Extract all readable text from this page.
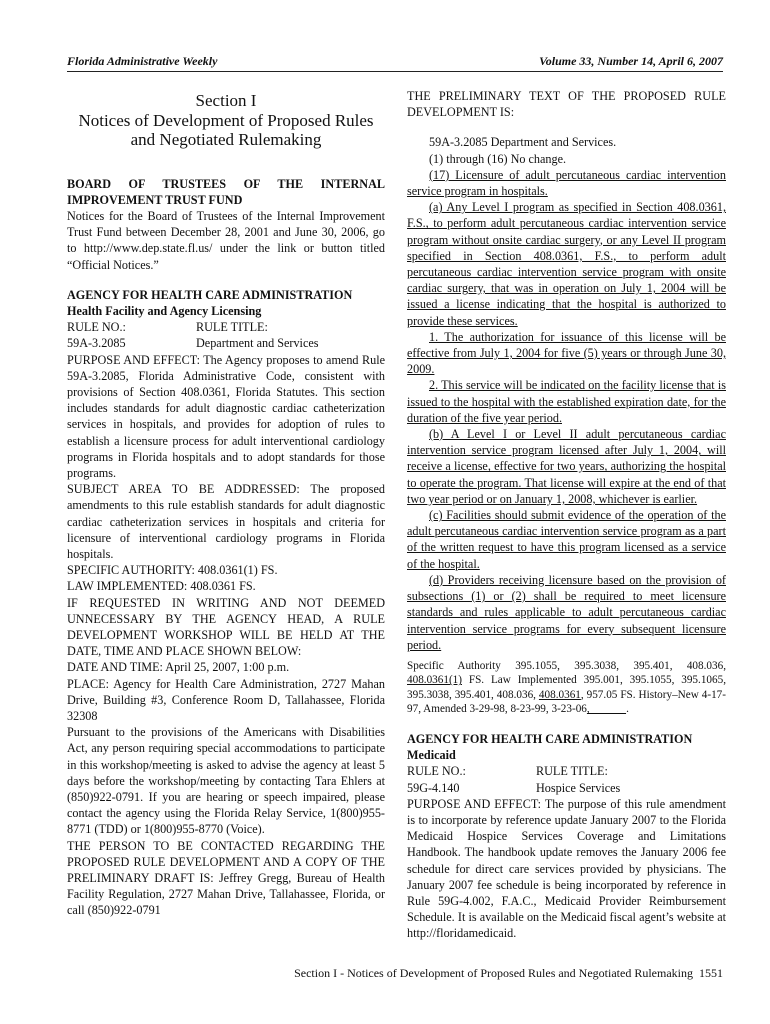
Florida Administrative Weekly	Volume 33, Number 14, April 6, 2007
Section I
Notices of Development of Proposed Rules and Negotiated Rulemaking

BOARD OF TRUSTEES OF THE INTERNAL IMPROVEMENT TRUST FUND

Notices for the Board of Trustees of the Internal Improvement Trust Fund between December 28, 2001 and June 30, 2006, go to http://www.dep.state.fl.us/ under the link or button titled “Official Notices.”

AGENCY FOR HEALTH CARE ADMINISTRATION

Health Facility and Agency Licensing

RULE NO.:	RULE TITLE:
59A-3.2085	Department and Services

PURPOSE AND EFFECT: The Agency proposes to amend Rule 59A-3.2085, Florida Administrative Code, consistent with provisions of Section 408.0361, Florida Statutes. This section includes standards for adult diagnostic cardiac catheterization services in hospitals, and provides for adoption of rules to establish a licensure process for adult interventional cardiology programs in Florida hospitals and to adopt standards for those programs.

SUBJECT AREA TO BE ADDRESSED: The proposed amendments to this rule establish standards for adult diagnostic cardiac catheterization services in hospitals and criteria for licensure of interventional cardiology programs in Florida hospitals.

SPECIFIC AUTHORITY: 408.0361(1) FS.

LAW IMPLEMENTED: 408.0361 FS.

IF REQUESTED IN WRITING AND NOT DEEMED UNNECESSARY BY THE AGENCY HEAD, A RULE DEVELOPMENT WORKSHOP WILL BE HELD AT THE DATE, TIME AND PLACE SHOWN BELOW:

DATE AND TIME: April 25, 2007, 1:00 p.m.

PLACE: Agency for Health Care Administration, 2727 Mahan Drive, Building #3, Conference Room D, Tallahassee, Florida 32308

Pursuant to the provisions of the Americans with Disabilities Act, any person requiring special accommodations to participate in this workshop/meeting is asked to advise the agency at least 5 days before the workshop/meeting by contacting Tara Ehlers at (850)922-0791. If you are hearing or speech impaired, please contact the agency using the Florida Relay Service, 1(800)955-8771 (TDD) or 1(800)955-8770 (Voice).

THE PERSON TO BE CONTACTED REGARDING THE PROPOSED RULE DEVELOPMENT AND A COPY OF THE PRELIMINARY DRAFT IS: Jeffrey Gregg, Bureau of Health Facility Regulation, 2727 Mahan Drive, Tallahassee, Florida, or call (850)922-0791

THE PRELIMINARY TEXT OF THE PROPOSED RULE DEVELOPMENT IS:

59A-3.2085 Department and Services.

(1) through (16) No change.

(17) Licensure of adult percutaneous cardiac intervention service program in hospitals.

(a) Any Level I program as specified in Section 408.0361, F.S., to perform adult percutaneous cardiac intervention service program without onsite cardiac surgery, or any Level II program specified in Section 408.0361, F.S., to perform adult percutaneous cardiac intervention service program with onsite cardiac surgery, that was in operation on July 1, 2004 will be issued a license indicating that the hospital is authorized to provide these services.

1. The authorization for issuance of this license will be effective from July 1, 2004 for five (5) years or through June 30, 2009.

2. This service will be indicated on the facility license that is issued to the hospital with the established expiration date, for the duration of the five year period.

(b) A Level I or Level II adult percutaneous cardiac intervention service program licensed after July 1, 2004, will receive a license, effective for two years, authorizing the hospital to operate the program. That license will expire at the end of that two year period or on January 1, 2008, whichever is earlier.

(c) Facilities should submit evidence of the operation of the adult percutaneous cardiac intervention service program as a part of the written request to have this program licensed as a service of the hospital.

(d) Providers receiving licensure based on the provision of subsections (1) or (2) shall be required to meet licensure standards and rules applicable to adult percutaneous cardiac intervention service programs for every subsequent licensure period.

Specific Authority 395.1055, 395.3038, 395.401, 408.036, 408.0361(1) FS. Law Implemented 395.001, 395.1055, 395.1065, 395.3038, 395.401, 408.036, 408.0361, 957.05 FS. History–New 4-17-97, Amended 3-29-98, 8-23-99, 3-23-06,             .

AGENCY FOR HEALTH CARE ADMINISTRATION

Medicaid

RULE NO.:	RULE TITLE:
59G-4.140	Hospice Services

PURPOSE AND EFFECT: The purpose of this rule amendment is to incorporate by reference update January 2007 to the Florida Medicaid Hospice Services Coverage and Limitations Handbook. The handbook update removes the January 2006 fee schedule for direct care services provided by physicians. The January 2007 fee schedule is being incorporated by reference in Rule 59G-4.002, F.A.C., Medicaid Provider Reimbursement Schedule. It is available on the Medicaid fiscal agent’s website at http://floridamedicaid.

Section I - Notices of Development of Proposed Rules and Negotiated Rulemaking 1551
